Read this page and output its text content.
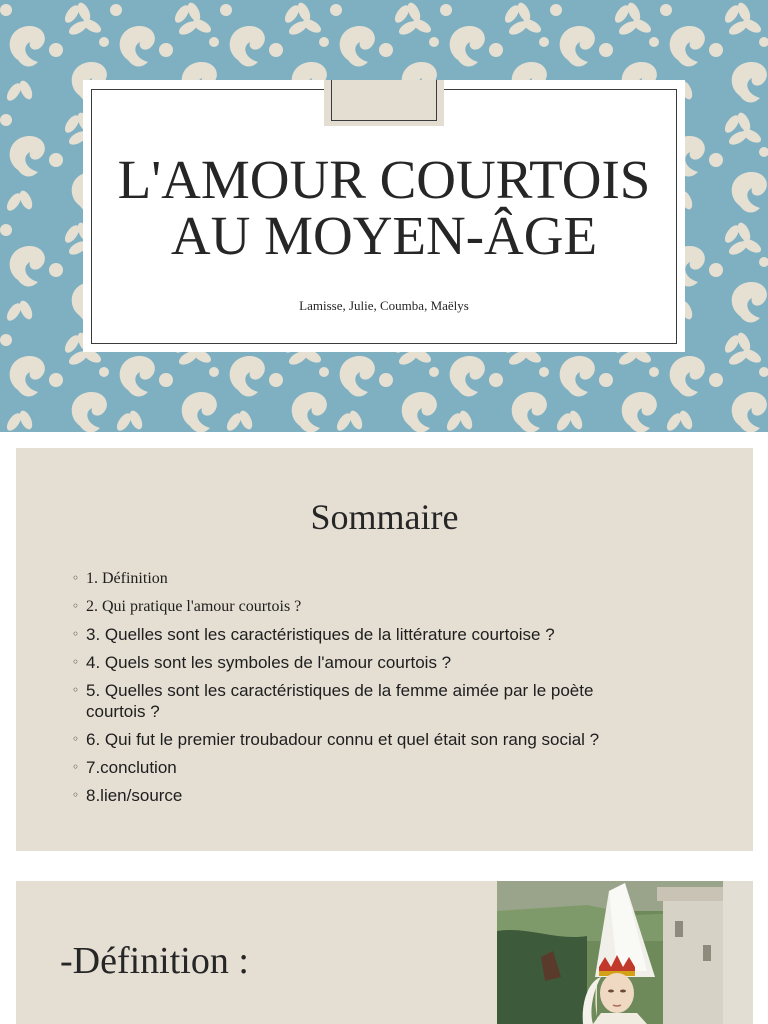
L'AMOUR COURTOIS
AU MOYEN-ÂGE
Lamisse, Julie, Coumba, Maëlys
Sommaire
◦ 1. Définition
◦ 2. Qui pratique l'amour courtois ?
◦ 3. Quelles sont les caractéristiques de la littérature courtoise ?
◦ 4. Quels sont les symboles de l'amour courtois ?
◦ 5. Quelles sont les caractéristiques de la femme aimée par le poète courtois ?
◦ 6. Qui fut le premier troubadour connu et quel était son rang social ?
◦ 7.conclution
◦ 8.lien/source
-Définition :
